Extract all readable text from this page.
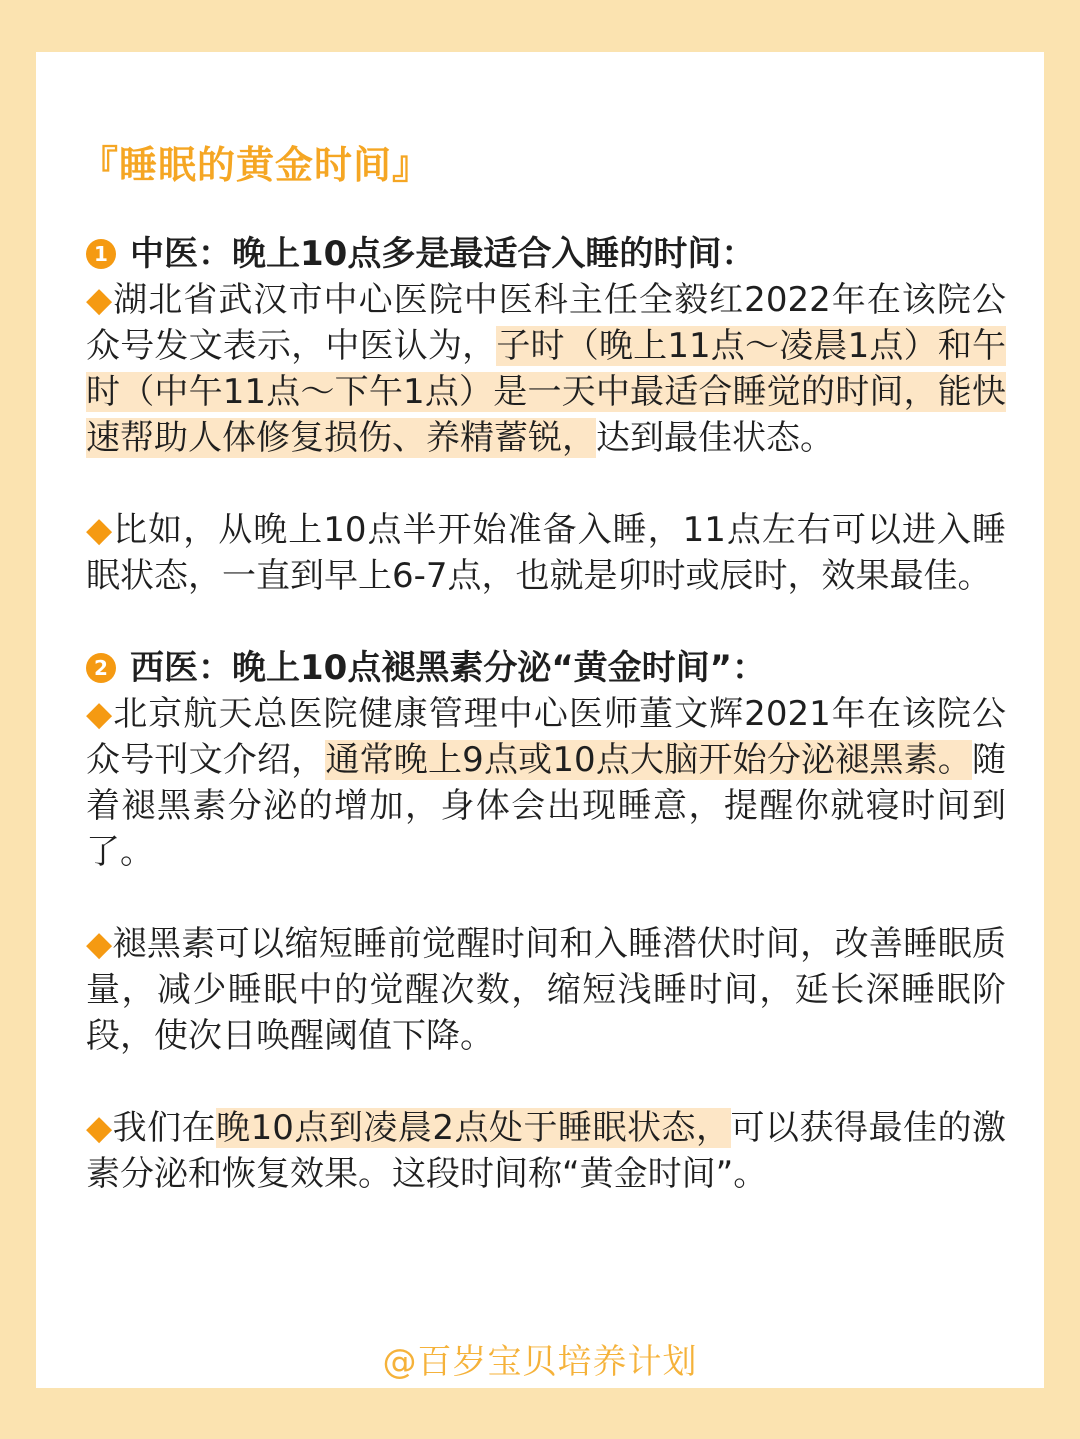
『睡眠的黄金时间』
1 中医：晚上10点多是最适合入睡的时间：

◆湖北省武汉市中心医院中医科主任全毅红2022年在该院公众号发文表示，中医认为，子时（晚上11点～凌晨1点）和午时（中午11点～下午1点）是一天中最适合睡觉的时间，能快速帮助人体修复损伤、养精蓄锐，达到最佳状态。

◆比如，从晚上10点半开始准备入睡，11点左右可以进入睡眠状态，一直到早上6-7点，也就是卯时或辰时，效果最佳。

2 西医：晚上10点褪黑素分泌“黄金时间”：

◆北京航天总医院健康管理中心医师董文辉2021年在该院公众号刊文介绍，通常晚上9点或10点大脑开始分泌褪黑素。随着褪黑素分泌的增加，身体会出现睡意，提醒你就寝时间到了。

◆褪黑素可以缩短睡前觉醒时间和入睡潜伏时间，改善睡眠质量，减少睡眠中的觉醒次数，缩短浅睡时间，延长深睡眠阶段，使次日唤醒阈值下降。

◆我们在晚10点到凌晨2点处于睡眠状态，可以获得最佳的激素分泌和恢复效果。这段时间称“黄金时间”。

@百岁宝贝培养计划
